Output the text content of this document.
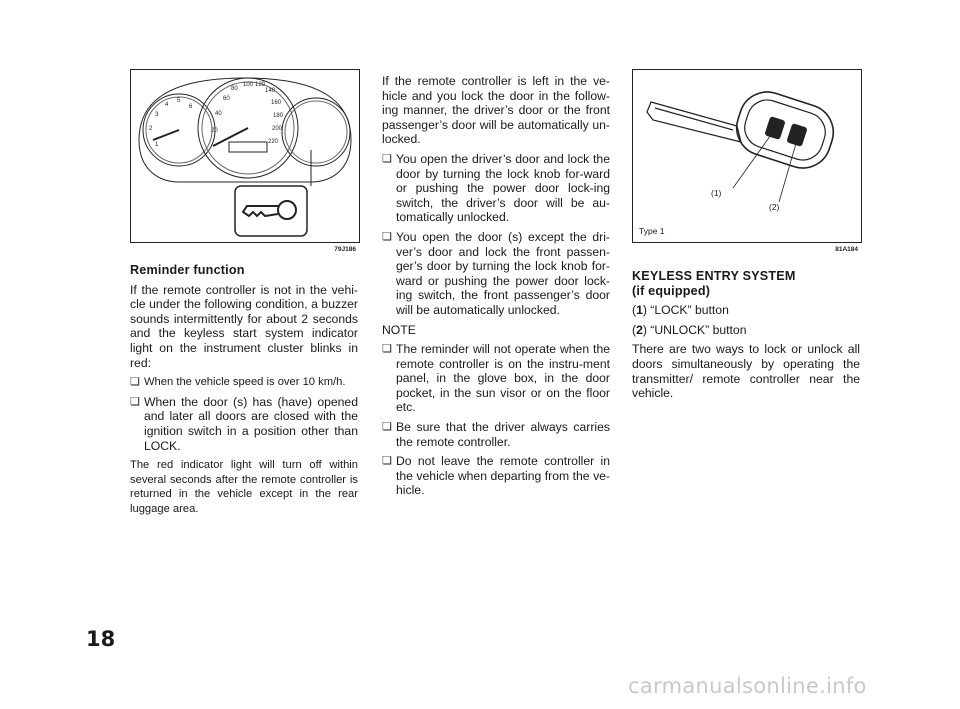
40
20
60
80
100 120
140
160
180
200
220
3
4
5
6
2
1
79J186
(1)
(2)
Type 1
81A184
Reminder function

If the remote controller is not in the vehi-cle under the following condition, a buzzer sounds intermittently for about 2 seconds and the keyless start system indicator light on the instrument cluster blinks in red:

❏ When the vehicle speed is over 10 km/h.
❏ When the door (s) has (have) opened and later all doors are closed with the ignition switch in a position other than LOCK.

The red indicator light will turn off within several seconds after the remote controller is returned in the vehicle except in the rear luggage area.

If the remote controller is left in the ve-hicle and you lock the door in the follow-ing manner, the driver’s door or the front passenger’s door will be automatically un-locked.

❏ You open the driver’s door and lock the door by turning the lock knob for-ward or pushing the power door lock-ing switch, the driver’s door will be au-tomatically unlocked.
❏ You open the door (s) except the dri-ver’s door and lock the front passen-ger’s door by turning the lock knob for-ward or pushing the power door lock-ing switch, the front passenger’s door will be automatically unlocked.

NOTE

❏ The reminder will not operate when the remote controller is on the instru-ment panel, in the glove box, in the door pocket, in the sun visor or on the floor etc.
❏ Be sure that the driver always carries the remote controller.
❏ Do not leave the remote controller in the vehicle when departing from the ve-hicle.
KEYLESS ENTRY SYSTEM
(if equipped)

(1) “LOCK” button

(2) “UNLOCK” button

There are two ways to lock or unlock all doors simultaneously by operating the transmitter/ remote controller near the vehicle.

18
carmanualsonline.info
